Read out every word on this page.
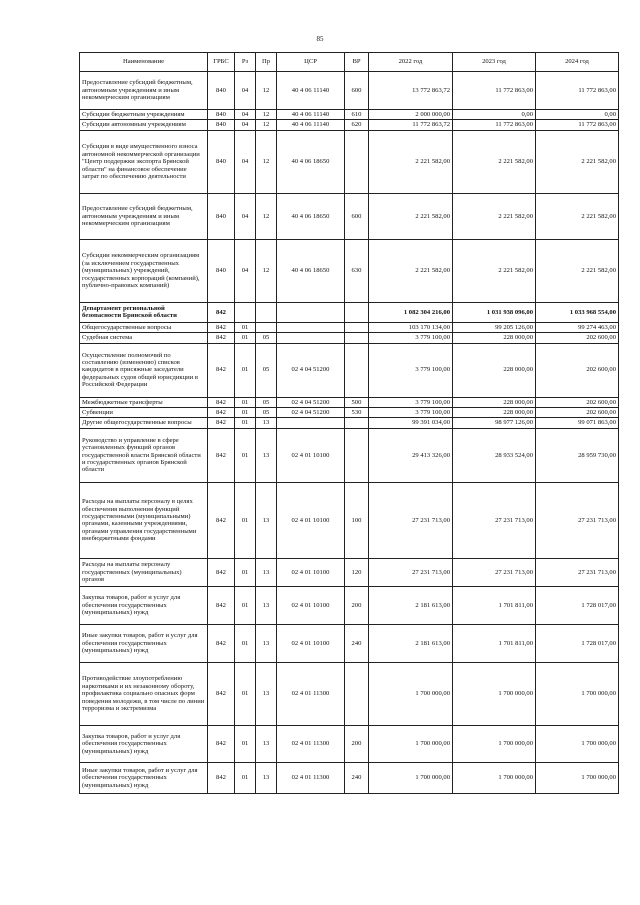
85
Наименование	ГРБС	Рз	Пр	ЦСР	ВР	2022 год	2023 год	2024 год
Предоставление субсидий бюджетным, автономным учреждениям и иным некоммерческим организациям	840	04	12	40 4 06 11140	600	13 772 863,72	11 772 863,00	11 772 863,00
Субсидии бюджетным учреждениям	840	04	12	40 4 06 11140	610	2 000 000,00	0,00	0,00
Субсидии автономным учреждениям	840	04	12	40 4 06 11140	620	11 772 863,72	11 772 863,00	11 772 863,00
Субсидия в виде имущественного взноса автономной некоммерческой организации "Центр поддержки экспорта Брянской области" на финансовое обеспечение затрат по обеспечению деятельности	840	04	12	40 4 06 18650		2 221 582,00	2 221 582,00	2 221 582,00
Предоставление субсидий бюджетным, автономным учреждениям и иным некоммерческим организациям	840	04	12	40 4 06 18650	600	2 221 582,00	2 221 582,00	2 221 582,00
Субсидии некоммерческим организациям (за исключением государственных (муниципальных) учреждений, государственных корпораций (компаний), публично-правовых компаний)	840	04	12	40 4 06 18650	630	2 221 582,00	2 221 582,00	2 221 582,00
Департамент региональной безопасности Брянской области	842					1 082 304 216,00	1 031 938 096,00	1 033 968 554,00
Общегосударственные вопросы	842	01				103 170 134,00	99 205 126,00	99 274 463,00
Судебная система	842	01	05			3 779 100,00	228 000,00	202 600,00
Осуществление полномочий по составлению (изменению) списков кандидатов в присяжные заседатели федеральных судов общей юрисдикции в Российской Федерации	842	01	05	02 4 04 51200		3 779 100,00	228 000,00	202 600,00
Межбюджетные трансферты	842	01	05	02 4 04 51200	500	3 779 100,00	228 000,00	202 600,00
Субвенции	842	01	05	02 4 04 51200	530	3 779 100,00	228 000,00	202 600,00
Другие общегосударственные вопросы	842	01	13			99 391 034,00	98 977 126,00	99 071 863,00
Руководство и управление в сфере установленных функций органов государственной власти Брянской области и государственных органов Брянской области	842	01	13	02 4 01 10100		29 413 326,00	28 933 524,00	28 959 730,00
Расходы на выплаты персоналу в целях обеспечения выполнения функций государственными (муниципальными) органами, казенными учреждениями, органами управления государственными внебюджетными фондами	842	01	13	02 4 01 10100	100	27 231 713,00	27 231 713,00	27 231 713,00
Расходы на выплаты персоналу государственных (муниципальных) органов	842	01	13	02 4 01 10100	120	27 231 713,00	27 231 713,00	27 231 713,00
Закупка товаров, работ и услуг для обеспечения государственных (муниципальных) нужд	842	01	13	02 4 01 10100	200	2 181 613,00	1 701 811,00	1 728 017,00
Иные закупки товаров, работ и услуг для обеспечения государственных (муниципальных) нужд	842	01	13	02 4 01 10100	240	2 181 613,00	1 701 811,00	1 728 017,00
Противодействие злоупотреблению наркотиками и их незаконному обороту, профилактика социально опасных форм поведения молодежи, в том числе по линии терроризма и экстремизма	842	01	13	02 4 01 11300		1 700 000,00	1 700 000,00	1 700 000,00
Закупка товаров, работ и услуг для обеспечения государственных (муниципальных) нужд	842	01	13	02 4 01 11300	200	1 700 000,00	1 700 000,00	1 700 000,00
Иные закупки товаров, работ и услуг для обеспечения государственных (муниципальных) нужд	842	01	13	02 4 01 11300	240	1 700 000,00	1 700 000,00	1 700 000,00
